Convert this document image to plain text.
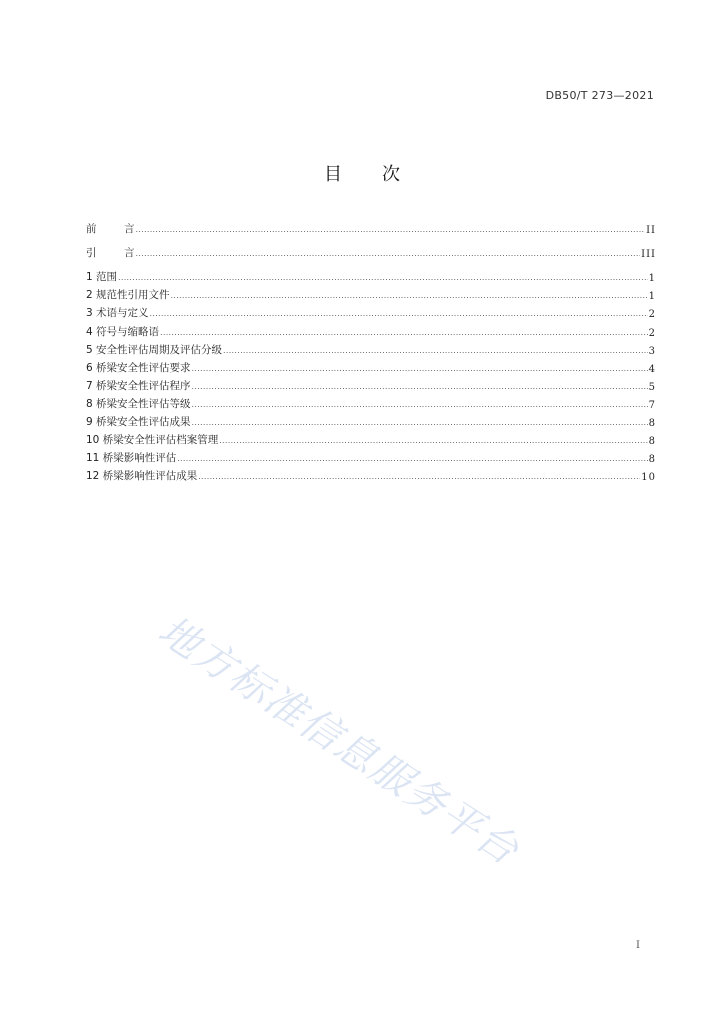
DB50/T 273—2021
目 次
前	言 .....	II
引	言 .....	III
1 范围 .....	1
2 规范性引用文件 .....	1
3 术语与定义 .....	2
4 符号与缩略语 .....	2
5 安全性评估周期及评估分级 .....	3
6 桥梁安全性评估要求 .....	4
7 桥梁安全性评估程序 .....	5
8 桥梁安全性评估等级 .....	7
9 桥梁安全性评估成果 .....	8
10 桥梁安全性评估档案管理 .....	8
11 桥梁影响性评估 .....	8
12 桥梁影响性评估成果 .....	10
地方标准信息服务平台
I
